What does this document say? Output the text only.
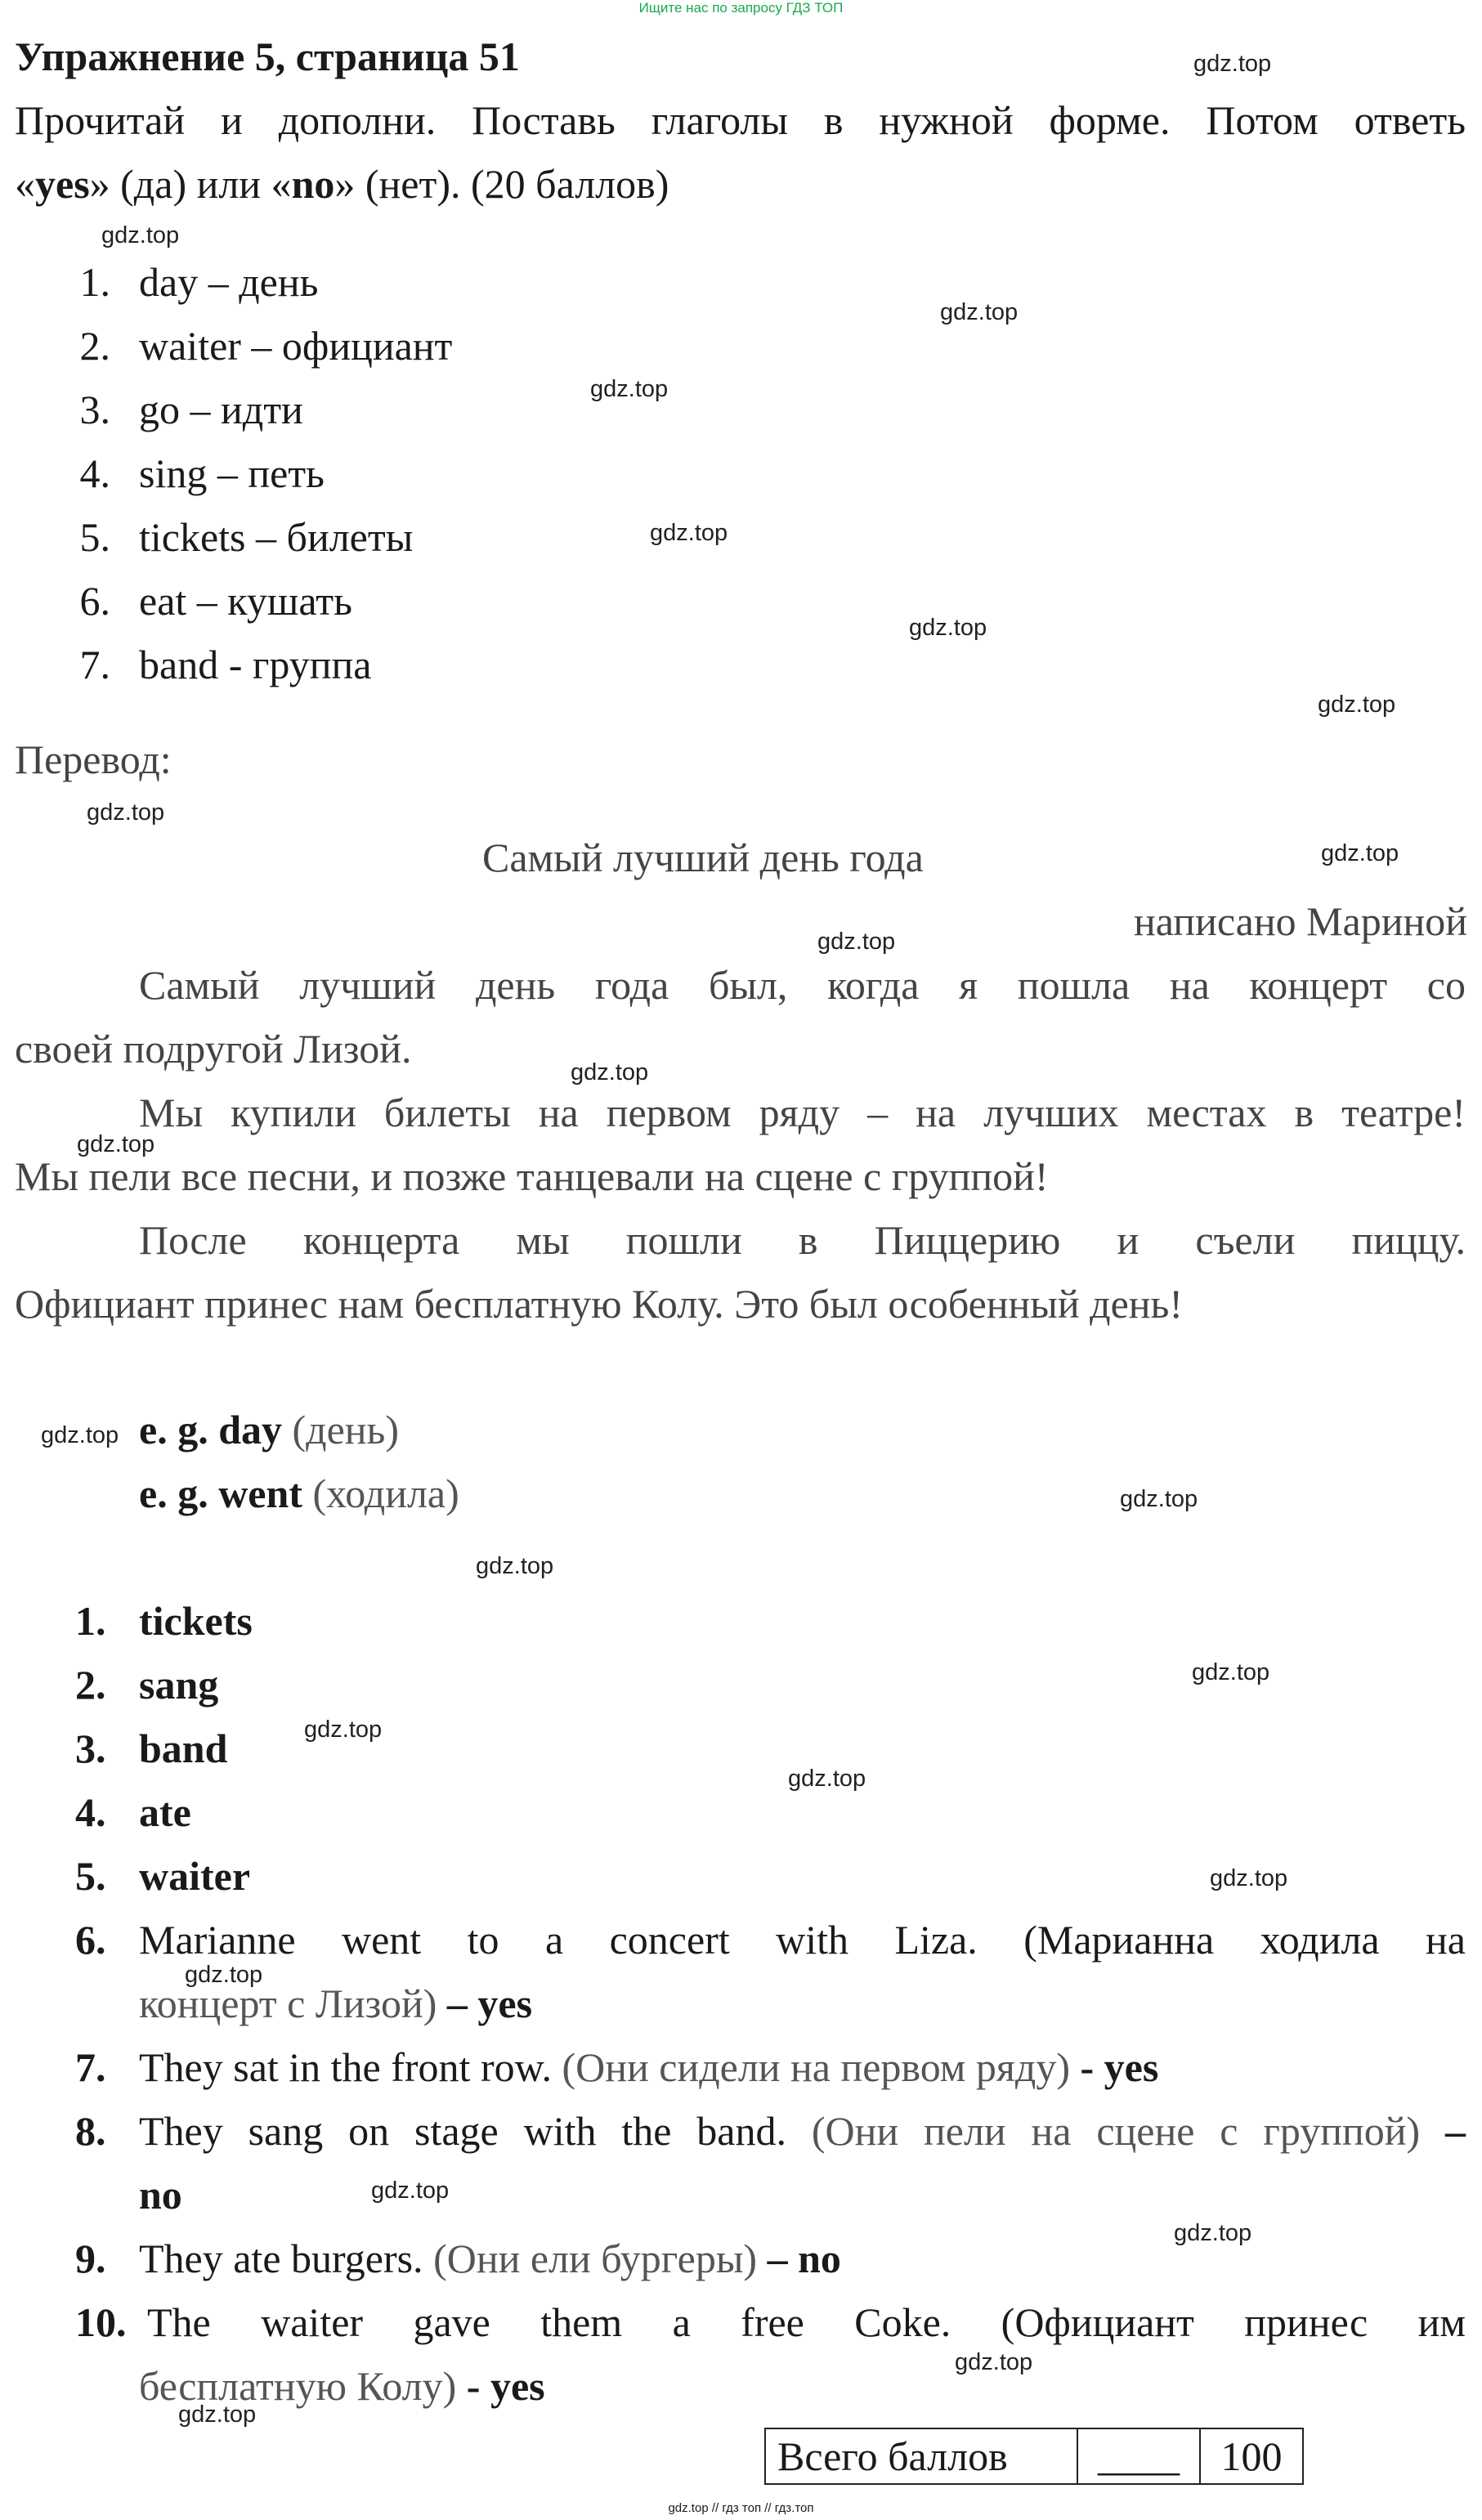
Ищите нас по запросу ГДЗ ТОП
Упражнение 5, страница 51
Прочитай и дополни. Поставь глаголы в нужной форме. Потом ответь
«yes» (да) или «no» (нет). (20 баллов)
1. day – день
2. waiter – официант
3. go – идти
4. sing – петь
5. tickets – билеты
6. eat – кушать
7. band - группа
Перевод:
Самый лучший день года
написано Мариной
Самый лучший день года был, когда я пошла на концерт со
своей подругой Лизой.
Мы купили билеты на первом ряду – на лучших местах в театре!
Мы пели все песни, и позже танцевали на сцене с группой!
После концерта мы пошли в Пиццерию и съели пиццу.
Официант принес нам бесплатную Колу. Это был особенный день!
e. g. day (день)
e. g. went (ходила)
1. tickets
2. sang
3. band
4. ate
5. waiter
6. Marianne went to a concert with Liza. (Марианна ходила на
концерт с Лизой) – yes
7. They sat in the front row. (Они сидели на первом ряду) - yes
8. They sang on stage with the band. (Они пели на сцене с группой) –
no
9. They ate burgers. (Они ели бургеры) – no
10. The waiter gave them a free Coke. (Официант принес им
бесплатную Колу) - yes
Всего баллов	____	100
gdz.top
gdz.top
gdz.top
gdz.top
gdz.top
gdz.top
gdz.top
gdz.top
gdz.top
gdz.top
gdz.top
gdz.top
gdz.top
gdz.top
gdz.top
gdz.top
gdz.top
gdz.top
gdz.top
gdz.top
gdz.top
gdz.top
gdz.top
gdz.top
gdz.top // гдз топ // гдз.топ
